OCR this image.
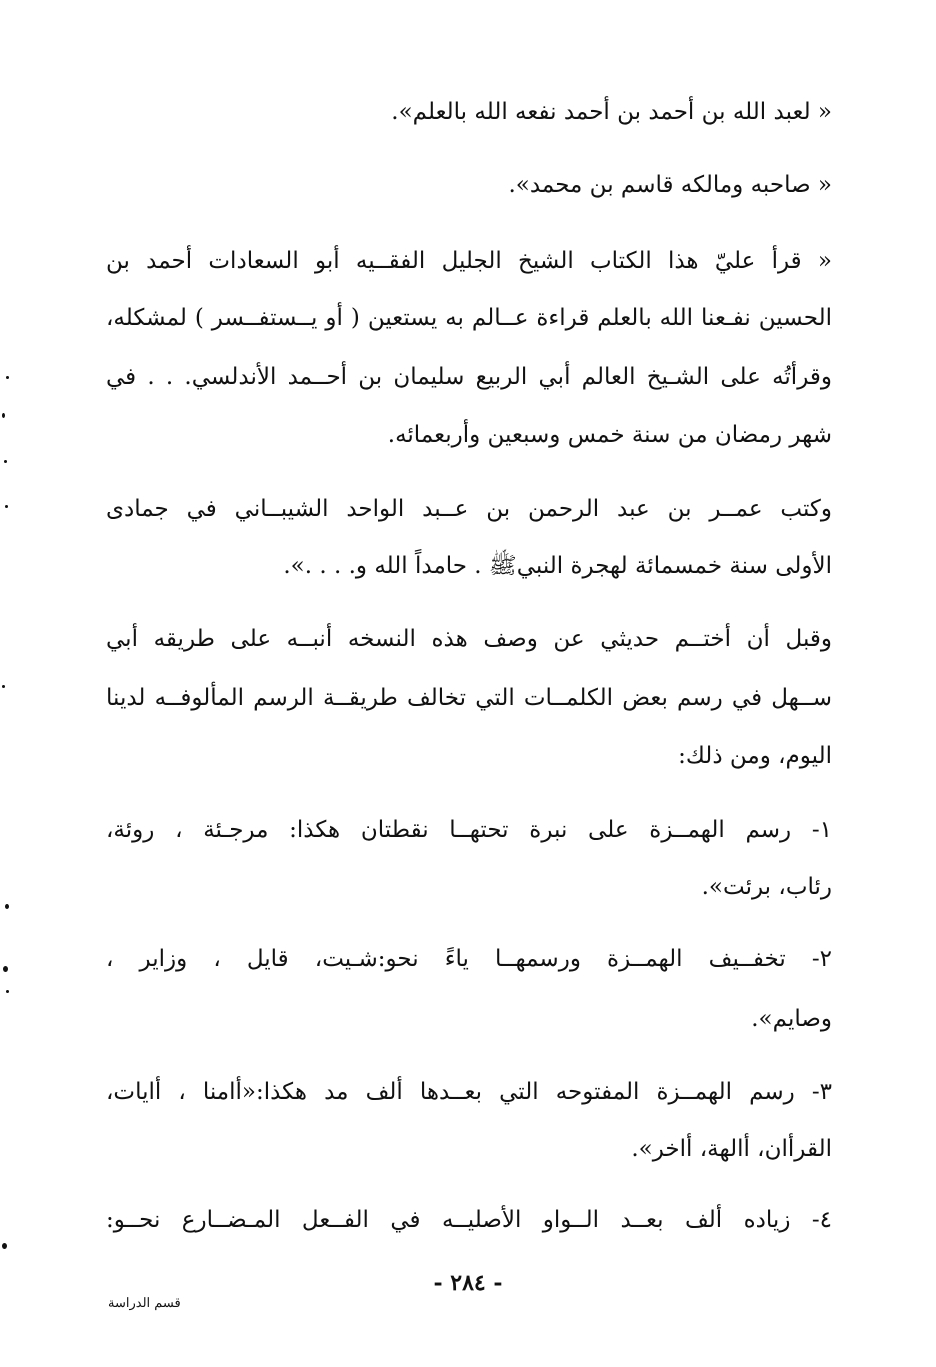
« لعبد الله بن أحمد بن أحمد نفعه الله بالعلم».
« صاحبه ومالكه قاسم بن محمد».
« قرأ عليّ هذا الكتاب الشيخ الجليل الفقــيه أبو السعادات أحمد بن
الحسين نفـعنا الله بالعلم قراءة عــالم به يستعين ( أو يــستفــسر ) لمشكله،
وقرأتُه على الشـيخ العالم أبي الربيع سليمان بن أحــمد الأندلسي. . . في
شهر رمضان من سنة خمس وسبعين وأربعمائه.
وكتب عمــر بن عبد الرحمن بن عــبد الواحد الشيبــاني في جمادى
الأولى سنة خمسمائة لهجرة النبيﷺ . حامداً الله و. . . .».
وقبل أن أختــم حديثي عن وصف هذه النسخه أنبــه على طريقه أبي
ســهل في رسم بعض الكلمــات التي تخالف طريقــة الرسم المألوفــه لدينا
اليوم، ومن ذلك:
١- رسم الهمــزة على نبرة تحتهــا نقطتان هكذا: مرجـئة ، روئة،
رئاب، برئت».
٢- تخفــيف الهمــزة ورسمهــا ياءً نحو:شـيت، قايل ، وزاير ،
وصايم».
٣- رسم الهمــزة المفتوحه التي بعــدها ألف مد هكذا:«أامنا ، أايات،
القرأان، أالهة، أاخر».
٤- زياده ألف بعــد الــواو الأصليــه في الفــعل المـضــارع نحــو:
- ٢٨٤ -
قسم الدراسة
